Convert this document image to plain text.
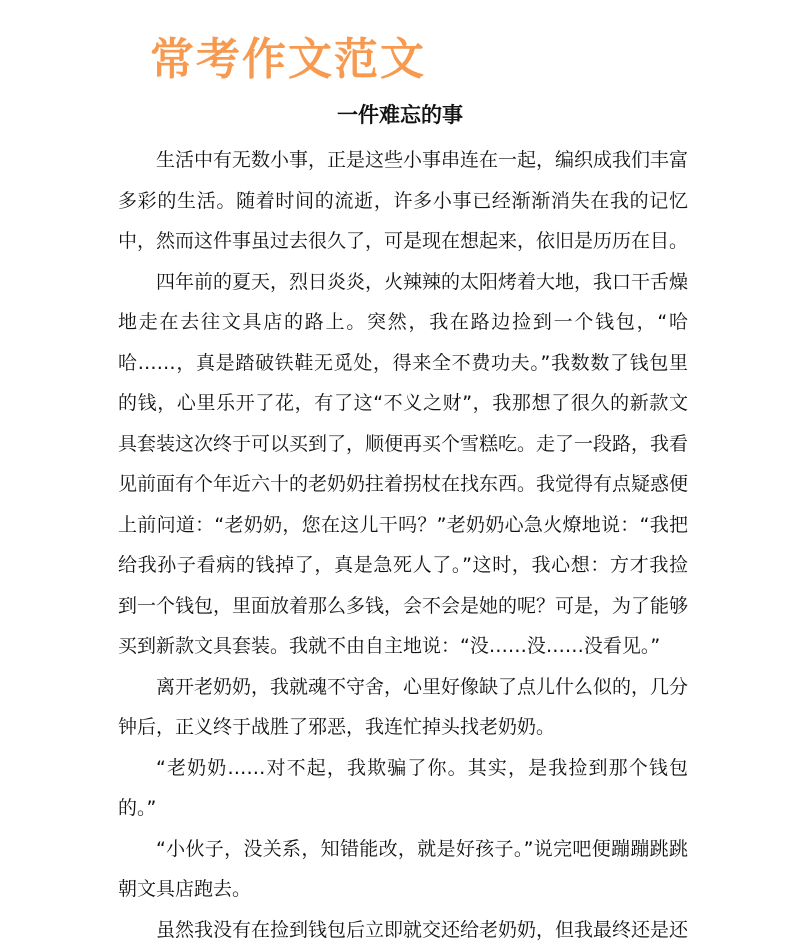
常考作文范文
一件难忘的事

生活中有无数小事，正是这些小事串连在一起，编织成我们丰富多彩的生活。随着时间的流逝，许多小事已经渐渐消失在我的记忆中，然而这件事虽过去很久了，可是现在想起来，依旧是历历在目。

四年前的夏天，烈日炎炎，火辣辣的太阳烤着大地，我口干舌燥地走在去往文具店的路上。突然，我在路边捡到一个钱包，“哈哈……，真是踏破铁鞋无觅处，得来全不费功夫。”我数数了钱包里的钱，心里乐开了花，有了这“不义之财”，我那想了很久的新款文具套装这次终于可以买到了，顺便再买个雪糕吃。走了一段路，我看见前面有个年近六十的老奶奶拄着拐杖在找东西。我觉得有点疑惑便上前问道：“老奶奶，您在这儿干吗？”老奶奶心急火燎地说：“我把给我孙子看病的钱掉了，真是急死人了。”这时，我心想：方才我捡到一个钱包，里面放着那么多钱，会不会是她的呢？可是，为了能够买到新款文具套装。我就不由自主地说：“没……没……没看见。”

离开老奶奶，我就魂不守舍，心里好像缺了点儿什么似的，几分钟后，正义终于战胜了邪恶，我连忙掉头找老奶奶。

“老奶奶……对不起，我欺骗了你。其实，是我捡到那个钱包的。”

“小伙子，没关系，知错能改，就是好孩子。”说完吧便蹦蹦跳跳朝文具店跑去。

虽然我没有在捡到钱包后立即就交还给老奶奶，但我最终还是还
